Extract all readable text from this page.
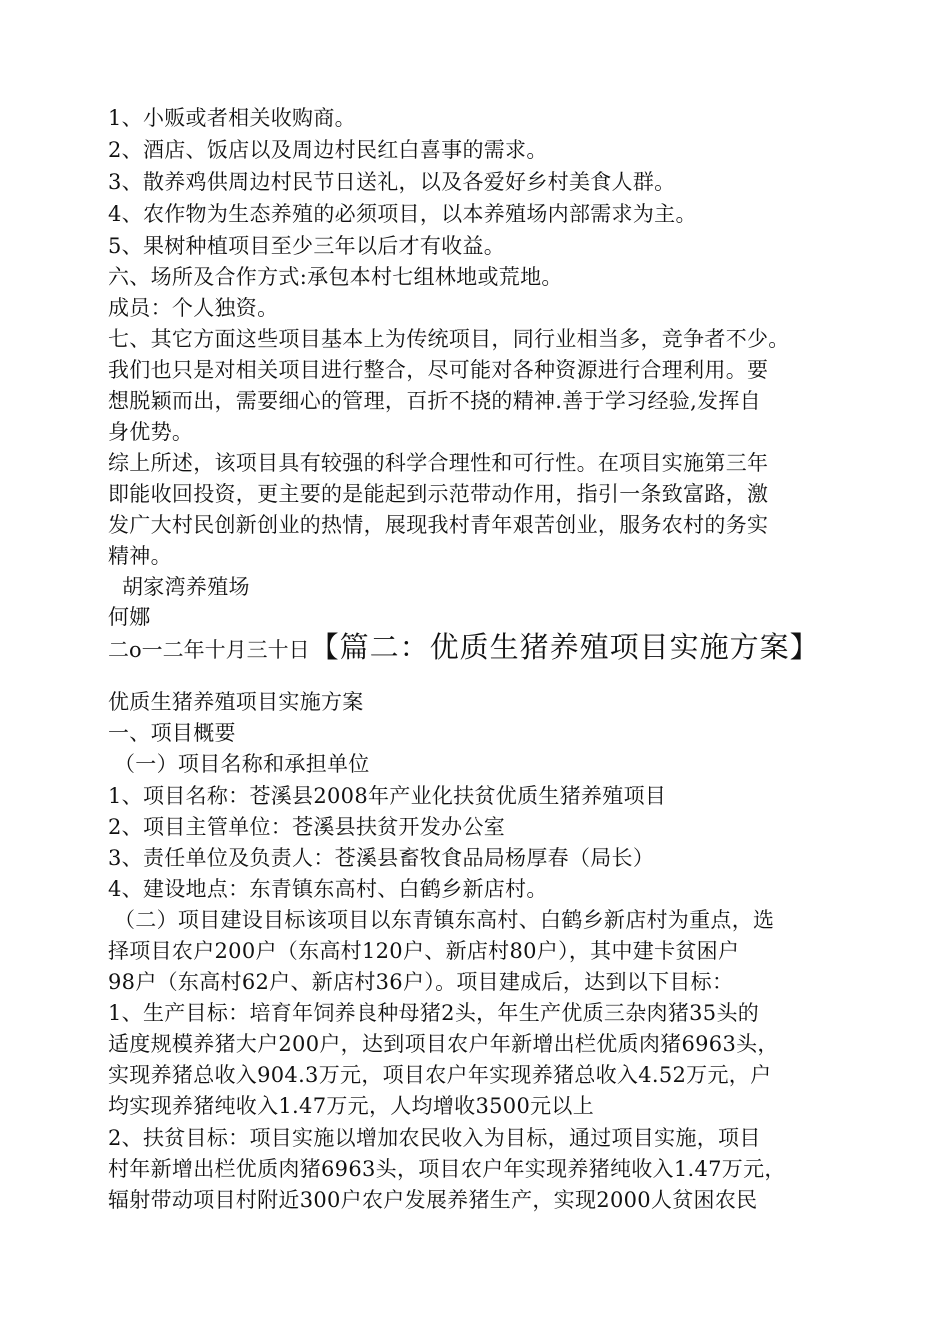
1、小贩或者相关收购商。
2、酒店、饭店以及周边村民红白喜事的需求。
3、散养鸡供周边村民节日送礼，以及各爱好乡村美食人群。
4、农作物为生态养殖的必须项目，以本养殖场内部需求为主。
5、果树种植项目至少三年以后才有收益。
六、场所及合作方式:承包本村七组林地或荒地。
成员：个人独资。
七、其它方面这些项目基本上为传统项目，同行业相当多，竞争者不少。
我们也只是对相关项目进行整合，尽可能对各种资源进行合理利用。要
想脱颖而出，需要细心的管理，百折不挠的精神.善于学习经验,发挥自
身优势。
综上所述，该项目具有较强的科学合理性和可行性。在项目实施第三年
即能收回投资，更主要的是能起到示范带动作用，指引一条致富路，激
发广大村民创新创业的热情，展现我村青年艰苦创业，服务农村的务实
精神。
胡家湾养殖场
何娜
二o一二年十月三十日【篇二：优质生猪养殖项目实施方案】
优质生猪养殖项目实施方案
一、项目概要
（一）项目名称和承担单位
1、项目名称：苍溪县2008年产业化扶贫优质生猪养殖项目
2、项目主管单位：苍溪县扶贫开发办公室
3、责任单位及负责人：苍溪县畜牧食品局杨厚春（局长）
4、建设地点：东青镇东高村、白鹤乡新店村。
（二）项目建设目标该项目以东青镇东高村、白鹤乡新店村为重点，选
择项目农户200户（东高村120户、新店村80户），其中建卡贫困户
98户（东高村62户、新店村36户）。项目建成后，达到以下目标：
1、生产目标：培育年饲养良种母猪2头，年生产优质三杂肉猪35头的
适度规模养猪大户200户，达到项目农户年新增出栏优质肉猪6963头，
实现养猪总收入904.3万元，项目农户年实现养猪总收入4.52万元，户
均实现养猪纯收入1.47万元，人均增收3500元以上
2、扶贫目标：项目实施以增加农民收入为目标，通过项目实施，项目
村年新增出栏优质肉猪6963头，项目农户年实现养猪纯收入1.47万元，
辐射带动项目村附近300户农户发展养猪生产，实现2000人贫困农民
